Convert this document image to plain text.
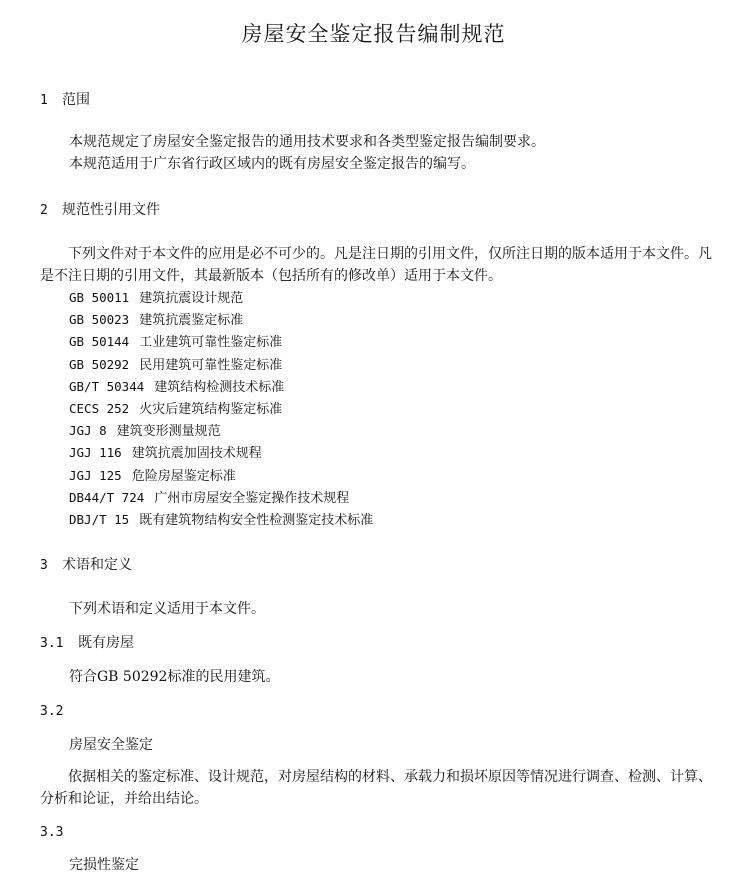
房屋安全鉴定报告编制规范
1 范围
本规范规定了房屋安全鉴定报告的通用技术要求和各类型鉴定报告编制要求。
本规范适用于广东省行政区域内的既有房屋安全鉴定报告的编写。
2 规范性引用文件
下列文件对于本文件的应用是必不可少的。凡是注日期的引用文件，仅所注日期的版本适用于本文件。凡是不注日期的引用文件，其最新版本（包括所有的修改单）适用于本文件。
GB 50011 建筑抗震设计规范
GB 50023 建筑抗震鉴定标准
GB 50144 工业建筑可靠性鉴定标准
GB 50292 民用建筑可靠性鉴定标准
GB/T 50344 建筑结构检测技术标准
CECS 252 火灾后建筑结构鉴定标准
JGJ 8 建筑变形测量规范
JGJ 116 建筑抗震加固技术规程
JGJ 125 危险房屋鉴定标准
DB44/T 724 广州市房屋安全鉴定操作技术规程
DBJ/T 15 既有建筑物结构安全性检测鉴定技术标准
3 术语和定义
下列术语和定义适用于本文件。
3.1 既有房屋
符合GB 50292标准的民用建筑。
3.2
房屋安全鉴定
依据相关的鉴定标准、设计规范，对房屋结构的材料、承载力和损坏原因等情况进行调查、检测、计算、分析和论证，并给出结论。
3.3
完损性鉴定
